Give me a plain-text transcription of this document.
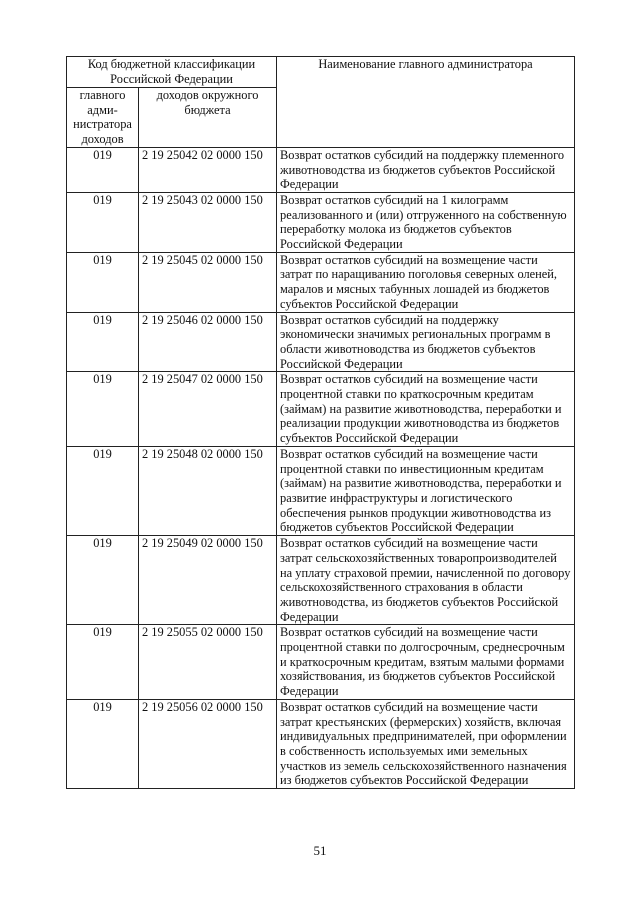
Код бюджетной классификации Российской Федерации		Наименование главного администратора
главного адми-нистратора доходов	доходов окружного бюджета	
019	2 19 25042 02 0000 150	Возврат остатков субсидий на поддержку племенного животноводства из бюджетов субъектов Российской Федерации
019	2 19 25043 02 0000 150	Возврат остатков субсидий на 1 килограмм реализованного и (или) отгруженного на собственную переработку молока из бюджетов субъектов Российской Федерации
019	2 19 25045 02 0000 150	Возврат остатков субсидий на возмещение части затрат по наращиванию поголовья северных оленей, маралов и мясных табунных лошадей из бюджетов субъектов Российской Федерации
019	2 19 25046 02 0000 150	Возврат остатков субсидий на поддержку экономически значимых региональных программ в области животноводства из бюджетов субъектов Российской Федерации
019	2 19 25047 02 0000 150	Возврат остатков субсидий на возмещение части процентной ставки по краткосрочным кредитам (займам) на развитие животноводства, переработки и реализации продукции животноводства из бюджетов субъектов Российской Федерации
019	2 19 25048 02 0000 150	Возврат остатков субсидий на возмещение части процентной ставки по инвестиционным кредитам (займам) на развитие животноводства, переработки и развитие инфраструктуры и логистического обеспечения рынков продукции животноводства из бюджетов субъектов Российской Федерации
019	2 19 25049 02 0000 150	Возврат остатков субсидий на возмещение части затрат сельскохозяйственных товаропроизводителей на уплату страховой премии, начисленной по договору сельскохозяйственного страхования в области животноводства, из бюджетов субъектов Российской Федерации
019	2 19 25055 02 0000 150	Возврат остатков субсидий на возмещение части процентной ставки по долгосрочным, среднесрочным и краткосрочным кредитам, взятым малыми формами хозяйствования, из бюджетов субъектов Российской Федерации
019	2 19 25056 02 0000 150	Возврат остатков субсидий на возмещение части затрат крестьянских (фермерских) хозяйств, включая индивидуальных предпринимателей, при оформлении в собственность используемых ими земельных участков из земель сельскохозяйственного назначения из бюджетов субъектов Российской Федерации
51
